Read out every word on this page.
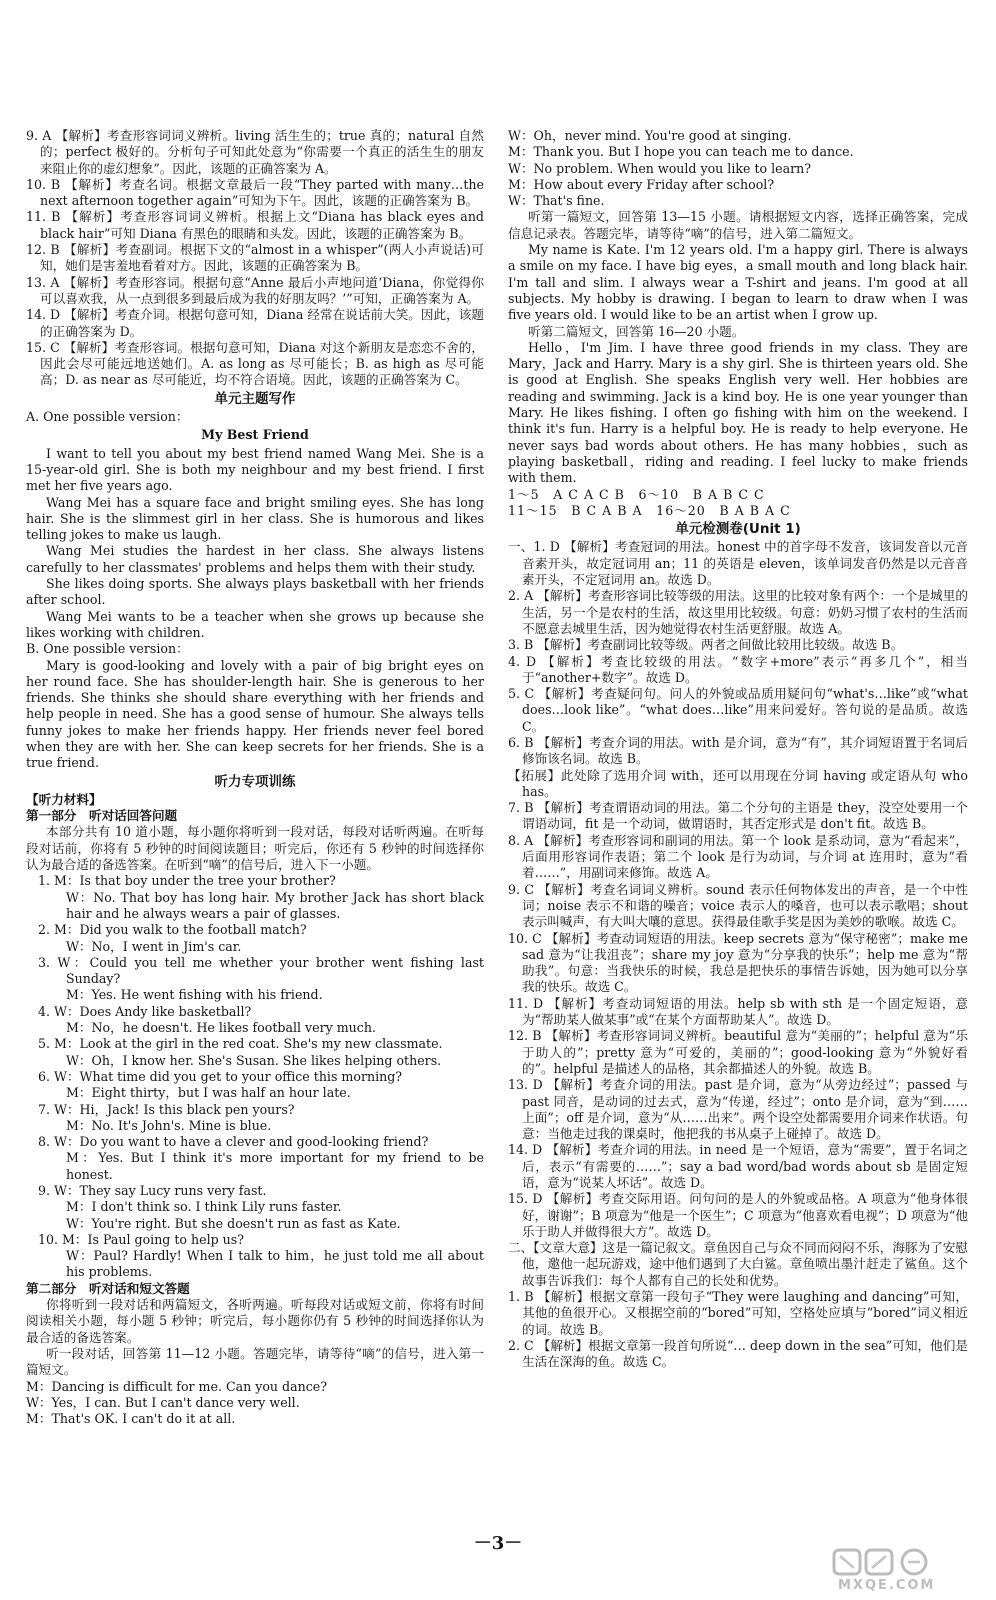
9. A 【解析】考查形容词词义辨析。living 活生生的；true 真的；natural 自然的；perfect 极好的。分析句子可知此处意为“你需要一个真正的活生生的朋友来阻止你的虚幻想象”。因此，该题的正确答案为 A。

10. B 【解析】考查名词。根据文章最后一段“They parted with many…the next afternoon together again”可知为下午。因此，该题的正确答案为 B。

11. B 【解析】考查形容词词义辨析。根据上文“Diana has black eyes and black hair”可知 Diana 有黑色的眼睛和头发。因此，该题的正确答案为 B。

12. B 【解析】考查副词。根据下文的“almost in a whisper”(两人小声说话)可知，她们是害羞地看着对方。因此，该题的正确答案为 B。

13. A 【解析】考查形容词。根据句意“Anne 最后小声地问道‘Diana，你觉得你可以喜欢我，从一点到很多到最后成为我的好朋友吗？’”可知，正确答案为 A。

14. D 【解析】考查介词。根据句意可知，Diana 经常在说话前大笑。因此，该题的正确答案为 D。

15. C 【解析】考查形容词。根据句意可知，Diana 对这个新朋友是恋恋不舍的，因此会尽可能远地送她们。A. as long as 尽可能长；B. as high as 尽可能高；D. as near as 尽可能近，均不符合语境。因此，该题的正确答案为 C。

单元主题写作

A. One possible version：

My Best Friend

I want to tell you about my best friend named Wang Mei. She is a 15-year-old girl. She is both my neighbour and my best friend. I first met her five years ago.

Wang Mei has a square face and bright smiling eyes. She has long hair. She is the slimmest girl in her class. She is humorous and likes telling jokes to make us laugh.

Wang Mei studies the hardest in her class. She always listens carefully to her classmates' problems and helps them with their study.

She likes doing sports. She always plays basketball with her friends after school.

Wang Mei wants to be a teacher when she grows up because she likes working with children.

B. One possible version：

Mary is good-looking and lovely with a pair of big bright eyes on her round face. She has shoulder-length hair. She is generous to her friends. She thinks she should share everything with her friends and help people in need. She has a good sense of humour. She always tells funny jokes to make her friends happy. Her friends never feel bored when they are with her. She can keep secrets for her friends. She is a true friend.

听力专项训练

【听力材料】

第一部分　听对话回答问题

本部分共有 10 道小题，每小题你将听到一段对话，每段对话听两遍。在听每段对话前，你将有 5 秒钟的时间阅读题目；听完后，你还有 5 秒钟的时间选择你认为最合适的备选答案。在听到“嘀”的信号后，进入下一小题。

1. M：Is that boy under the tree your brother?

W：No. That boy has long hair. My brother Jack has short black hair and he always wears a pair of glasses.

2. M：Did you walk to the football match?

W：No，I went in Jim's car.

3. W：Could you tell me whether your brother went fishing last Sunday?

M：Yes. He went fishing with his friend.

4. W：Does Andy like basketball?

M：No，he doesn't. He likes football very much.

5. M：Look at the girl in the red coat. She's my new classmate.

W：Oh，I know her. She's Susan. She likes helping others.

6. W：What time did you get to your office this morning?

M：Eight thirty，but I was half an hour late.

7. W：Hi，Jack! Is this black pen yours?

M：No. It's John's. Mine is blue.

8. W：Do you want to have a clever and good-looking friend?

M：Yes. But I think it's more important for my friend to be honest.

9. W：They say Lucy runs very fast.

M：I don't think so. I think Lily runs faster.

W：You're right. But she doesn't run as fast as Kate.

10. M：Is Paul going to help us?

W：Paul? Hardly! When I talk to him，he just told me all about his problems.

第二部分　听对话和短文答题

你将听到一段对话和两篇短文，各听两遍。听每段对话或短文前，你将有时间阅读相关小题，每小题 5 秒钟；听完后，每小题你仍有 5 秒钟的时间选择你认为最合适的备选答案。

听一段对话，回答第 11—12 小题。答题完毕，请等待“嘀”的信号，进入第一篇短文。

M：Dancing is difficult for me. Can you dance?

W：Yes，I can. But I can't dance very well.

M：That's OK. I can't do it at all.

W：Oh，never mind. You're good at singing.

M：Thank you. But I hope you can teach me to dance.

W：No problem. When would you like to learn?

M：How about every Friday after school?

W：That's fine.

听第一篇短文，回答第 13—15 小题。请根据短文内容，选择正确答案，完成信息记录表。答题完毕，请等待“嘀”的信号，进入第二篇短文。

My name is Kate. I'm 12 years old. I'm a happy girl. There is always a smile on my face. I have big eyes，a small mouth and long black hair. I'm tall and slim. I always wear a T-shirt and jeans. I'm good at all subjects. My hobby is drawing. I began to learn to draw when I was five years old. I would like to be an artist when I grow up.

听第二篇短文，回答第 16—20 小题。

Hello，I'm Jim. I have three good friends in my class. They are Mary，Jack and Harry. Mary is a shy girl. She is thirteen years old. She is good at English. She speaks English very well. Her hobbies are reading and swimming. Jack is a kind boy. He is one year younger than Mary. He likes fishing. I often go fishing with him on the weekend. I think it's fun. Harry is a helpful boy. He is ready to help everyone. He never says bad words about others. He has many hobbies，such as playing basketball，riding and reading. I feel lucky to make friends with them.

1～5　A C A C B　6～10　B A B C C

11～15　B C A B A　16～20　B A B A C

单元检测卷(Unit 1)

一、1. D 【解析】考查冠词的用法。honest 中的首字母不发音，该词发音以元音音素开头，故定冠词用 an；11 的英语是 eleven，该单词发音仍然是以元音音素开头，不定冠词用 an。故选 D。

2. A 【解析】考查形容词比较等级的用法。这里的比较对象有两个：一个是城里的生活，另一个是农村的生活，故这里用比较级。句意：奶奶习惯了农村的生活而不愿意去城里生活，因为她觉得农村生活更舒服。故选 A。

3. B 【解析】考查副词比较等级。两者之间做比较用比较级。故选 B。

4. D 【解析】考查比较级的用法。“数字+more”表示“再多几个”，相当于“another+数字”。故选 D。

5. C 【解析】考查疑问句。问人的外貌或品质用疑问句“what's…like”或“what does…look like”。“what does…like”用来问爱好。答句说的是品质。故选 C。

6. B 【解析】考查介词的用法。with 是介词，意为“有”，其介词短语置于名词后修饰该名词。故选 B。

【拓展】此处除了选用介词 with，还可以用现在分词 having 或定语从句 who has。

7. B 【解析】考查谓语动词的用法。第二个分句的主语是 they，没空处要用一个谓语动词，fit 是一个动词，做谓语时，其否定形式是 don't fit。故选 B。

8. A 【解析】考查形容词和副词的用法。第一个 look 是系动词，意为“看起来”，后面用形容词作表语；第二个 look 是行为动词，与介词 at 连用时，意为“看着……”，用副词来修饰。故选 A。

9. C 【解析】考查名词词义辨析。sound 表示任何物体发出的声音，是一个中性词；noise 表示不和谐的噪音；voice 表示人的嗓音，也可以表示歌唱；shout 表示叫喊声，有大叫大嚷的意思。获得最佳歌手奖是因为美妙的歌喉。故选 C。

10. C 【解析】考查动词短语的用法。keep secrets 意为“保守秘密”；make me sad 意为“让我沮丧”；share my joy 意为“分享我的快乐”；help me 意为“帮助我”。句意：当我快乐的时候，我总是把快乐的事情告诉她，因为她可以分享我的快乐。故选 C。

11. D 【解析】考查动词短语的用法。help sb with sth 是一个固定短语，意为“帮助某人做某事”或“在某个方面帮助某人”。故选 D。

12. B 【解析】考查形容词词义辨析。beautiful 意为“美丽的”；helpful 意为“乐于助人的”；pretty 意为“可爱的，美丽的”；good-looking 意为“外貌好看的”。helpful 是描述人的品格，其余都描述人的外貌。故选 B。

13. D 【解析】考查介词的用法。past 是介词，意为“从旁边经过”；passed 与 past 同音，是动词的过去式，意为“传递，经过”；onto 是介词，意为“到……上面”；off 是介词，意为“从……出来”。两个设空处都需要用介词来作状语。句意：当他走过我的课桌时，他把我的书从桌子上碰掉了。故选 D。

14. D 【解析】考查介词的用法。in need 是一个短语，意为“需要”，置于名词之后，表示“有需要的……”；say a bad word/bad words about sb 是固定短语，意为“说某人坏话”。故选 D。

15. D 【解析】考查交际用语。问句问的是人的外貌或品格。A 项意为“他身体很好，谢谢”；B 项意为“他是一个医生”；C 项意为“他喜欢看电视”；D 项意为“他乐于助人并做得很大方”。故选 D。

二、【文章大意】这是一篇记叙文。章鱼因自己与众不同而闷闷不乐，海豚为了安慰他，邀他一起玩游戏，途中他们遇到了大白鲨。章鱼喷出墨汁赶走了鲨鱼。这个故事告诉我们：每个人都有自己的长处和优势。

1. B 【解析】根据文章第一段句子“They were laughing and dancing”可知，其他的鱼很开心。又根据空前的“bored”可知，空格处应填与“bored”词义相近的词。故选 B。

2. C 【解析】根据文章第一段首句所说“… deep down in the sea”可知，他们是生活在深海的鱼。故选 C。

－3－
MXQE.COM
